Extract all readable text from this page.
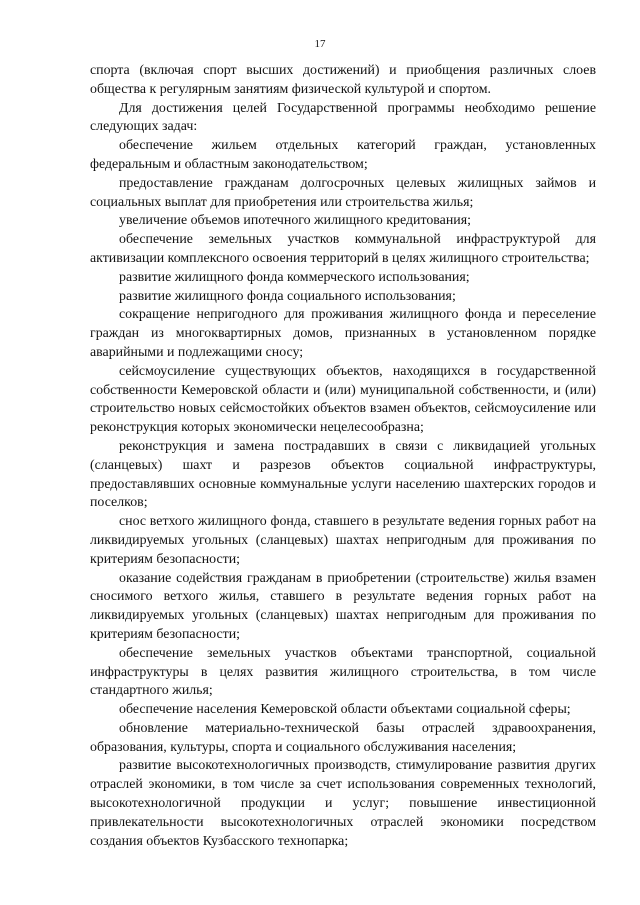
17

спорта (включая спорт высших достижений) и приобщения различных слоев общества к регулярным занятиям физической культурой и спортом.

Для достижения целей Государственной программы необходимо решение следующих задач:

обеспечение жильем отдельных категорий граждан, установленных федеральным и областным законодательством;

предоставление гражданам долгосрочных целевых жилищных займов и социальных выплат для приобретения или строительства жилья;

увеличение объемов ипотечного жилищного кредитования;

обеспечение земельных участков коммунальной инфраструктурой для активизации комплексного освоения территорий в целях жилищного строительства;

развитие жилищного фонда коммерческого использования;

развитие жилищного фонда социального использования;

сокращение непригодного для проживания жилищного фонда и переселение граждан из многоквартирных домов, признанных в установленном порядке аварийными и подлежащими сносу;

сейсмоусиление существующих объектов, находящихся в государственной собственности Кемеровской области и (или) муниципальной собственности, и (или) строительство новых сейсмостойких объектов взамен объектов, сейсмоусиление или реконструкция которых экономически нецелесообразна;

реконструкция и замена пострадавших в связи с ликвидацией угольных (сланцевых) шахт и разрезов объектов социальной инфраструктуры, предоставлявших основные коммунальные услуги населению шахтерских городов и поселков;

снос ветхого жилищного фонда, ставшего в результате ведения горных работ на ликвидируемых угольных (сланцевых) шахтах непригодным для проживания по критериям безопасности;

оказание содействия гражданам в приобретении (строительстве) жилья взамен сносимого ветхого жилья, ставшего в результате ведения горных работ на ликвидируемых угольных (сланцевых) шахтах непригодным для проживания по критериям безопасности;

обеспечение земельных участков объектами транспортной, социальной инфраструктуры в целях развития жилищного строительства, в том числе стандартного жилья;

обеспечение населения Кемеровской области объектами социальной сферы;

обновление материально-технической базы отраслей здравоохранения, образования, культуры, спорта и социального обслуживания населения;

развитие высокотехнологичных производств, стимулирование развития других отраслей экономики, в том числе за счет использования современных технологий, высокотехнологичной продукции и услуг; повышение инвестиционной привлекательности высокотехнологичных отраслей экономики посредством создания объектов Кузбасского технопарка;
